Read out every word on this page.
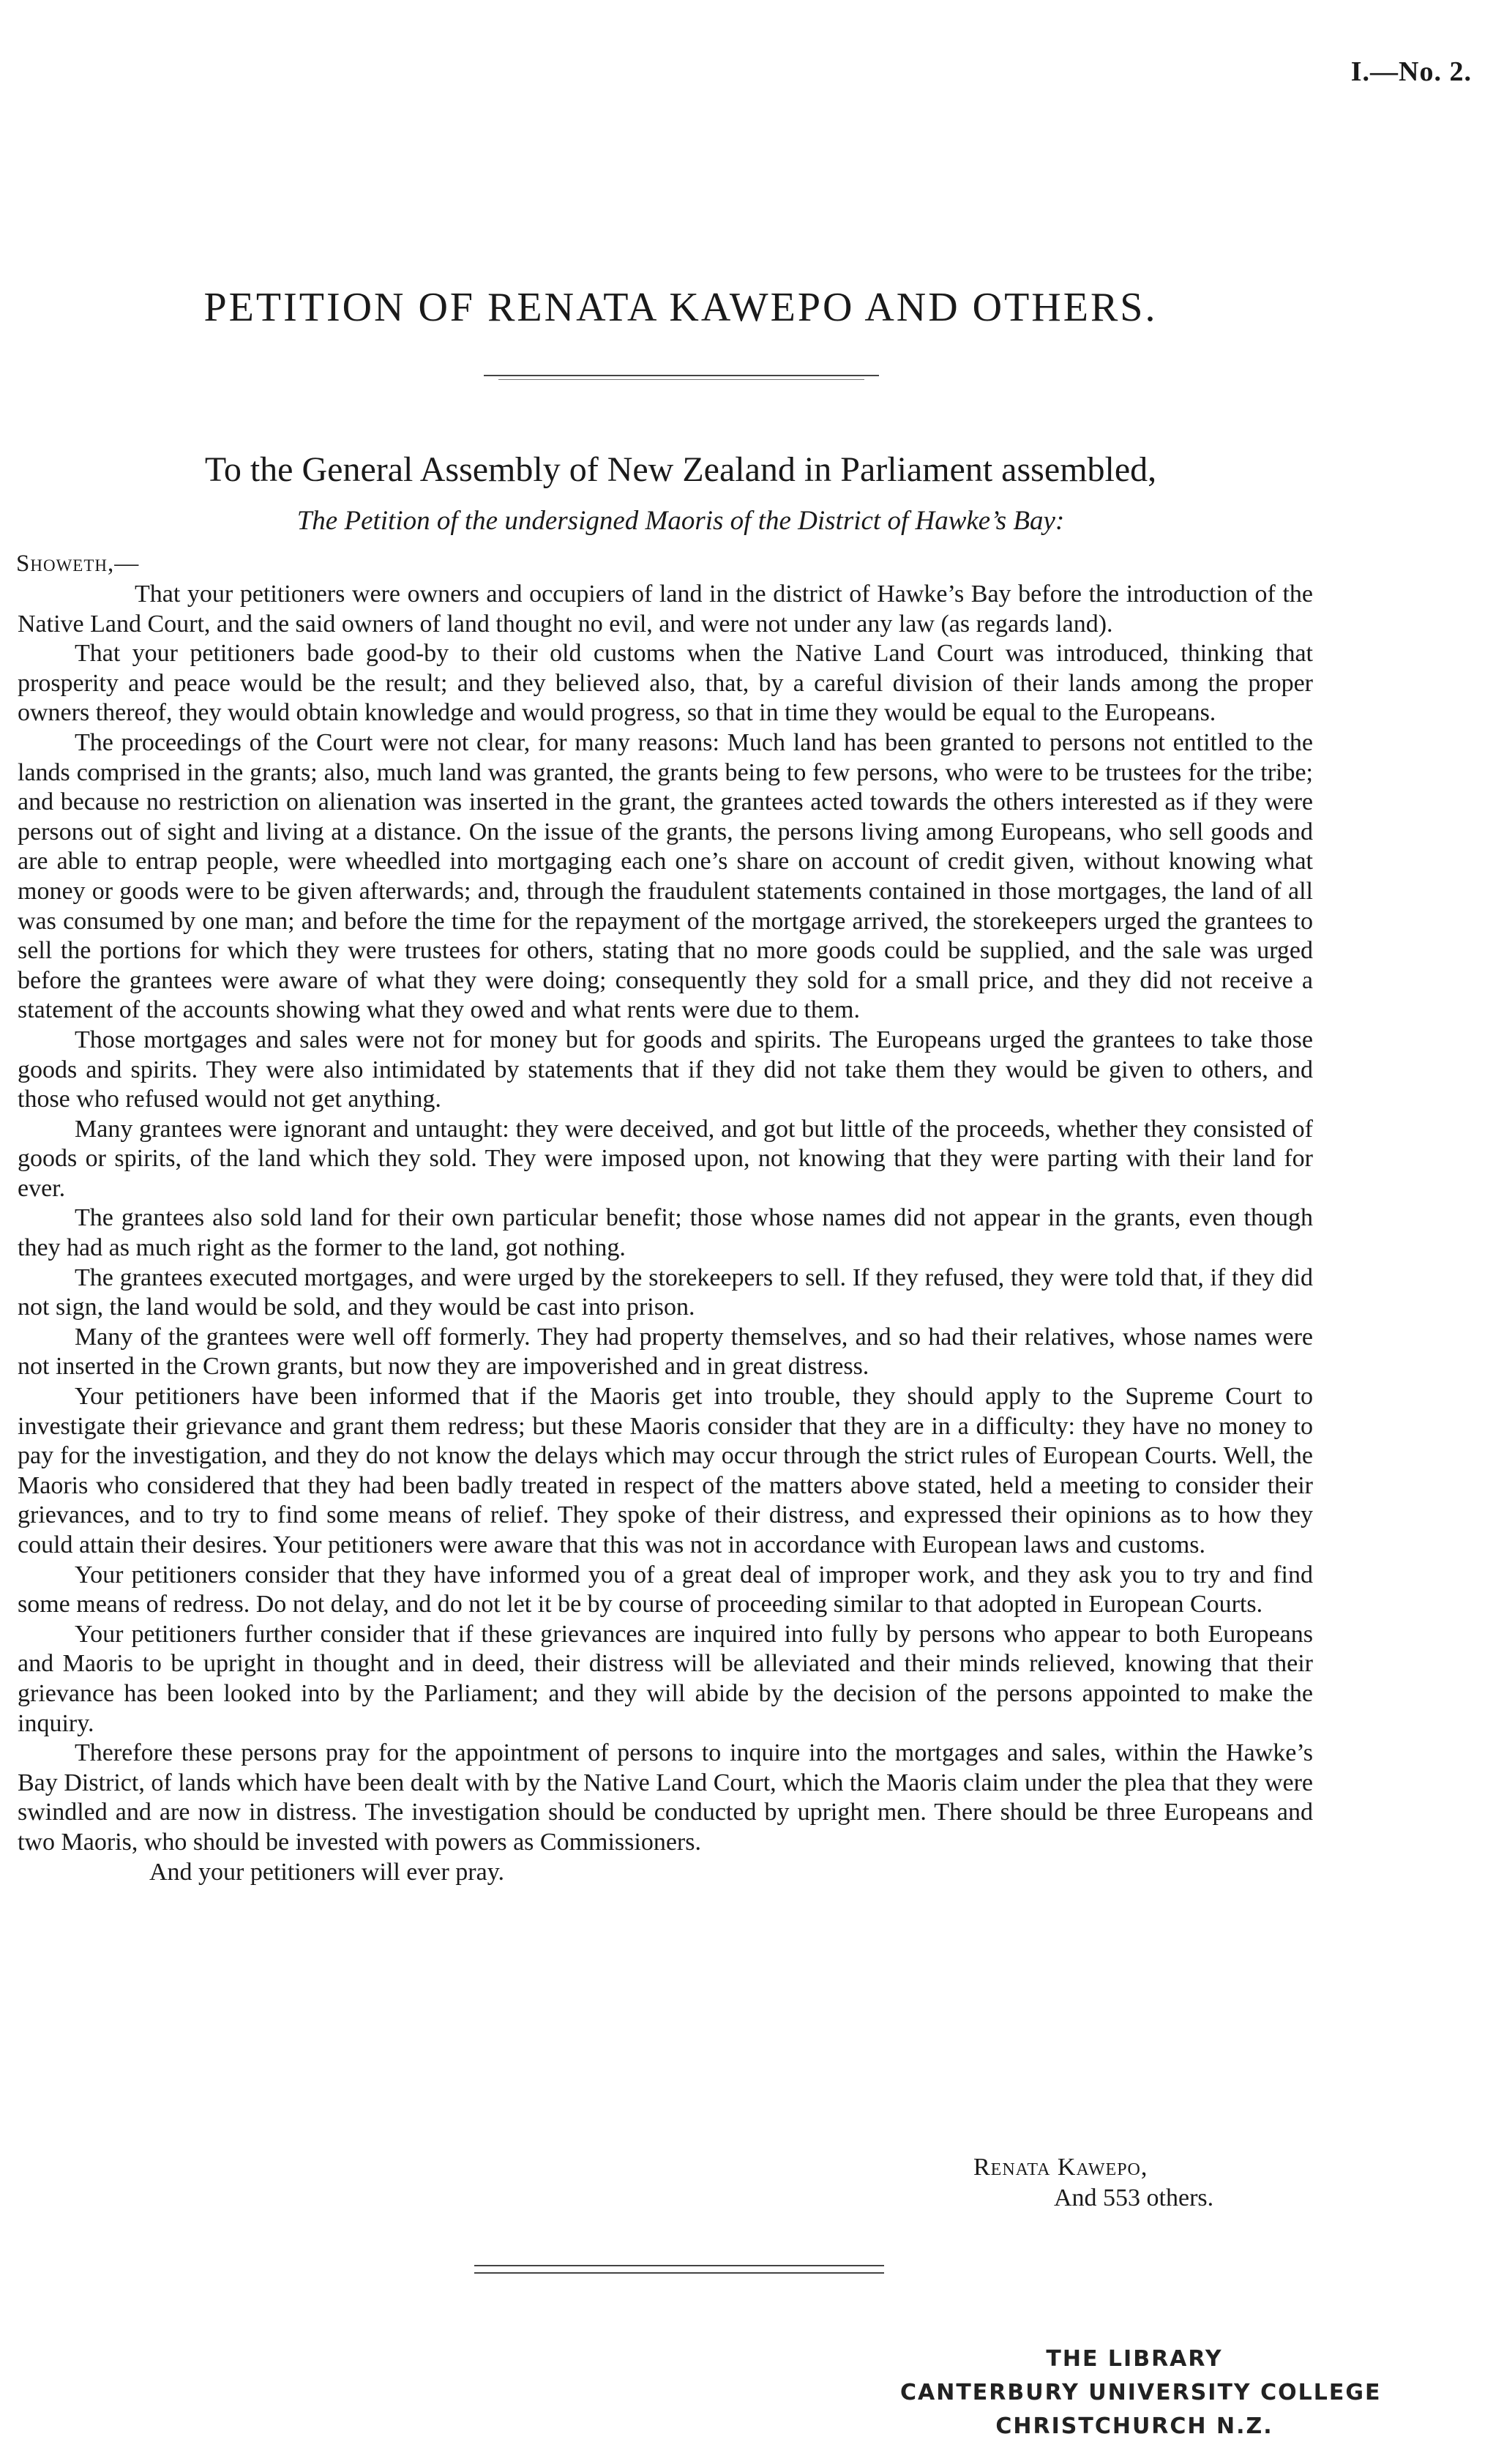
I.—No. 2.
PETITION OF RENATA KAWEPO AND OTHERS.
To the General Assembly of New Zealand in Parliament assembled,
The Petition of the undersigned Maoris of the District of Hawke’s Bay:
Showeth,—

That your petitioners were owners and occupiers of land in the district of Hawke’s Bay before the introduction of the Native Land Court, and the said owners of land thought no evil, and were not under any law (as regards land).

That your petitioners bade good-by to their old customs when the Native Land Court was introduced, thinking that prosperity and peace would be the result; and they believed also, that, by a careful division of their lands among the proper owners thereof, they would obtain knowledge and would progress, so that in time they would be equal to the Europeans.

The proceedings of the Court were not clear, for many reasons: Much land has been granted to persons not entitled to the lands comprised in the grants; also, much land was granted, the grants being to few persons, who were to be trustees for the tribe; and because no restriction on alienation was inserted in the grant, the grantees acted towards the others interested as if they were persons out of sight and living at a distance. On the issue of the grants, the persons living among Europeans, who sell goods and are able to entrap people, were wheedled into mortgaging each one’s share on account of credit given, without knowing what money or goods were to be given afterwards; and, through the fraudulent statements contained in those mortgages, the land of all was consumed by one man; and before the time for the repayment of the mortgage arrived, the storekeepers urged the grantees to sell the portions for which they were trustees for others, stating that no more goods could be supplied, and the sale was urged before the grantees were aware of what they were doing; consequently they sold for a small price, and they did not receive a statement of the accounts showing what they owed and what rents were due to them.

Those mortgages and sales were not for money but for goods and spirits. The Europeans urged the grantees to take those goods and spirits. They were also intimidated by statements that if they did not take them they would be given to others, and those who refused would not get anything.

Many grantees were ignorant and untaught: they were deceived, and got but little of the proceeds, whether they consisted of goods or spirits, of the land which they sold. They were imposed upon, not knowing that they were parting with their land for ever.

The grantees also sold land for their own particular benefit; those whose names did not appear in the grants, even though they had as much right as the former to the land, got nothing.

The grantees executed mortgages, and were urged by the storekeepers to sell. If they refused, they were told that, if they did not sign, the land would be sold, and they would be cast into prison.

Many of the grantees were well off formerly. They had property themselves, and so had their relatives, whose names were not inserted in the Crown grants, but now they are impoverished and in great distress.

Your petitioners have been informed that if the Maoris get into trouble, they should apply to the Supreme Court to investigate their grievance and grant them redress; but these Maoris consider that they are in a difficulty: they have no money to pay for the investigation, and they do not know the delays which may occur through the strict rules of European Courts. Well, the Maoris who considered that they had been badly treated in respect of the matters above stated, held a meeting to consider their grievances, and to try to find some means of relief. They spoke of their distress, and expressed their opinions as to how they could attain their desires. Your petitioners were aware that this was not in accordance with European laws and customs.

Your petitioners consider that they have informed you of a great deal of improper work, and they ask you to try and find some means of redress. Do not delay, and do not let it be by course of proceeding similar to that adopted in European Courts.

Your petitioners further consider that if these grievances are inquired into fully by persons who appear to both Europeans and Maoris to be upright in thought and in deed, their distress will be alleviated and their minds relieved, knowing that their grievance has been looked into by the Parliament; and they will abide by the decision of the persons appointed to make the inquiry.

Therefore these persons pray for the appointment of persons to inquire into the mortgages and sales, within the Hawke’s Bay District, of lands which have been dealt with by the Native Land Court, which the Maoris claim under the plea that they were swindled and are now in distress. The investigation should be conducted by upright men. There should be three Europeans and two Maoris, who should be invested with powers as Commissioners.

And your petitioners will ever pray.

Renata Kawepo,
And 553 others.
THE LIBRARY
CANTERBURY UNIVERSITY COLLEGE
CHRISTCHURCH N.Z.
